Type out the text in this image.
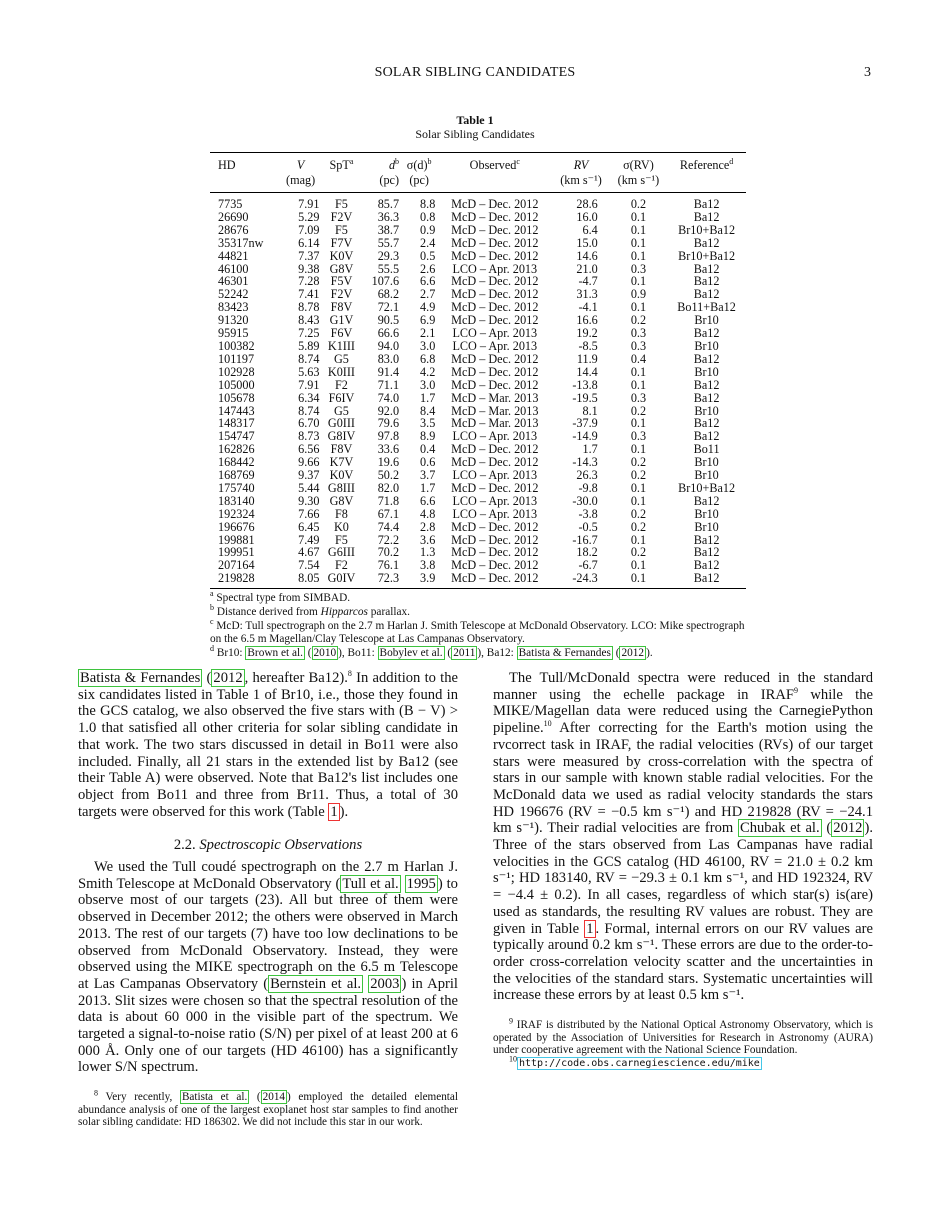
SOLAR SIBLING CANDIDATES	3
Table 1
Solar Sibling Candidates
HD	V	SpT$^a$	$d^b$	$\sigma(d)^b$	Observed$^c$	RV	σ(RV)	Reference$^d$
	(mag)		(pc)	(pc)		(km s⁻¹)	(km s⁻¹)	
7735	7.91	F5	85.7	8.8	McD – Dec. 2012	28.6	0.2	Ba12
26690	5.29	F2V	36.3	0.8	McD – Dec. 2012	16.0	0.1	Ba12
28676	7.09	F5	38.7	0.9	McD – Dec. 2012	6.4	0.1	Br10+Ba12
35317nw	6.14	F7V	55.7	2.4	McD – Dec. 2012	15.0	0.1	Ba12
44821	7.37	K0V	29.3	0.5	McD – Dec. 2012	14.6	0.1	Br10+Ba12
46100	9.38	G8V	55.5	2.6	LCO – Apr. 2013	21.0	0.3	Ba12
46301	7.28	F5V	107.6	6.6	McD – Dec. 2012	-4.7	0.1	Ba12
52242	7.41	F2V	68.2	2.7	McD – Dec. 2012	31.3	0.9	Ba12
83423	8.78	F8V	72.1	4.9	McD – Dec. 2012	-4.1	0.1	Bo11+Ba12
91320	8.43	G1V	90.5	6.9	McD – Dec. 2012	16.6	0.2	Br10
95915	7.25	F6V	66.6	2.1	LCO – Apr. 2013	19.2	0.3	Ba12
100382	5.89	K1III	94.0	3.0	LCO – Apr. 2013	-8.5	0.3	Br10
101197	8.74	G5	83.0	6.8	McD – Dec. 2012	11.9	0.4	Ba12
102928	5.63	K0III	91.4	4.2	McD – Dec. 2012	14.4	0.1	Br10
105000	7.91	F2	71.1	3.0	McD – Dec. 2012	-13.8	0.1	Ba12
105678	6.34	F6IV	74.0	1.7	McD – Mar. 2013	-19.5	0.3	Ba12
147443	8.74	G5	92.0	8.4	McD – Mar. 2013	8.1	0.2	Br10
148317	6.70	G0III	79.6	3.5	McD – Mar. 2013	-37.9	0.1	Ba12
154747	8.73	G8IV	97.8	8.9	LCO – Apr. 2013	-14.9	0.3	Ba12
162826	6.56	F8V	33.6	0.4	McD – Dec. 2012	1.7	0.1	Bo11
168442	9.66	K7V	19.6	0.6	McD – Dec. 2012	-14.3	0.2	Br10
168769	9.37	K0V	50.2	3.7	LCO – Apr. 2013	26.3	0.2	Br10
175740	5.44	G8III	82.0	1.7	McD – Dec. 2012	-9.8	0.1	Br10+Ba12
183140	9.30	G8V	71.8	6.6	LCO – Apr. 2013	-30.0	0.1	Ba12
192324	7.66	F8	67.1	4.8	LCO – Apr. 2013	-3.8	0.2	Br10
196676	6.45	K0	74.4	2.8	McD – Dec. 2012	-0.5	0.2	Br10
199881	7.49	F5	72.2	3.6	McD – Dec. 2012	-16.7	0.1	Ba12
199951	4.67	G6III	70.2	1.3	McD – Dec. 2012	18.2	0.2	Ba12
207164	7.54	F2	76.1	3.8	McD – Dec. 2012	-6.7	0.1	Ba12
219828	8.05	G0IV	72.3	3.9	McD – Dec. 2012	-24.3	0.1	Ba12

$^a$ Spectral type from SIMBAD.

$^b$ Distance derived from Hipparcos parallax.

$^c$ McD: Tull spectrograph on the 2.7 m Harlan J. Smith Telescope at McDonald Observatory. LCO: Mike spectrograph on the 6.5 m Magellan/Clay Telescope at Las Campanas Observatory.

$^d$ Br10: Brown et al. ( 2010 ), Bo11: Bobylev et al. ( 2011 ), Ba12: Batista & Fernandes ( 2012 ).

Batista & Fernandes ( 2012 , hereafter Ba12).$^8$ In addition to the six candidates listed in Table 1 of Br10, i.e., those they found in the GCS catalog, we also observed the five stars with (B − V) > 1.0 that satisfied all other criteria for solar sibling candidate in that work. The two stars discussed in detail in Bo11 were also included. Finally, all 21 stars in the extended list by Ba12 (see their Table A) were observed. Note that Ba12's list includes one object from Bo11 and three from Br11. Thus, a total of 30 targets were observed for this work (Table 1 ).

2.2. Spectroscopic Observations

We used the Tull coudé spectrograph on the 2.7 m Harlan J. Smith Telescope at McDonald Observatory ( Tull et al. 1995 ) to observe most of our targets (23). All but three of them were observed in December 2012; the others were observed in March 2013. The rest of our targets (7) have too low declinations to be observed from McDonald Observatory. Instead, they were observed using the MIKE spectrograph on the 6.5 m Telescope at Las Campanas Observatory ( Bernstein et al. 2003 ) in April 2013. Slit sizes were chosen so that the spectral resolution of the data is about 60 000 in the visible part of the spectrum. We targeted a signal-to-noise ratio (S/N) per pixel of at least 200 at 6 000 Å. Only one of our targets (HD 46100) has a significantly lower S/N spectrum.

$^8$ Very recently, Batista et al. ( 2014 ) employed the detailed elemental abundance analysis of one of the largest exoplanet host star samples to find another solar sibling candidate: HD 186302. We did not include this star in our work.

The Tull/McDonald spectra were reduced in the standard manner using the echelle package in IRAF$^9$ while the MIKE/Magellan data were reduced using the CarnegiePython pipeline.$^{10}$ After correcting for the Earth's motion using the rvcorrect task in IRAF, the radial velocities (RVs) of our target stars were measured by cross-correlation with the spectra of stars in our sample with known stable radial velocities. For the McDonald data we used as radial velocity standards the stars HD 196676 (RV = −0.5 km s⁻¹) and HD 219828 (RV = −24.1 km s⁻¹). Their radial velocities are from Chubak et al. ( 2012 ). Three of the stars observed from Las Campanas have radial velocities in the GCS catalog (HD 46100, RV = 21.0 ± 0.2 km s⁻¹; HD 183140, RV = −29.3 ± 0.1 km s⁻¹, and HD 192324, RV = −4.4 ± 0.2). In all cases, regardless of which star(s) is(are) used as standards, the resulting RV values are robust. They are given in Table 1 . Formal, internal errors on our RV values are typically around 0.2 km s⁻¹. These errors are due to the order-to-order cross-correlation velocity scatter and the uncertainties in the velocities of the standard stars. Systematic uncertainties will increase these errors by at least 0.5 km s⁻¹.

$^9$ IRAF is distributed by the National Optical Astronomy Observatory, which is operated by the Association of Universities for Research in Astronomy (AURA) under cooperative agreement with the National Science Foundation.

$^{10}$ http://code.obs.carnegiescience.edu/mike
